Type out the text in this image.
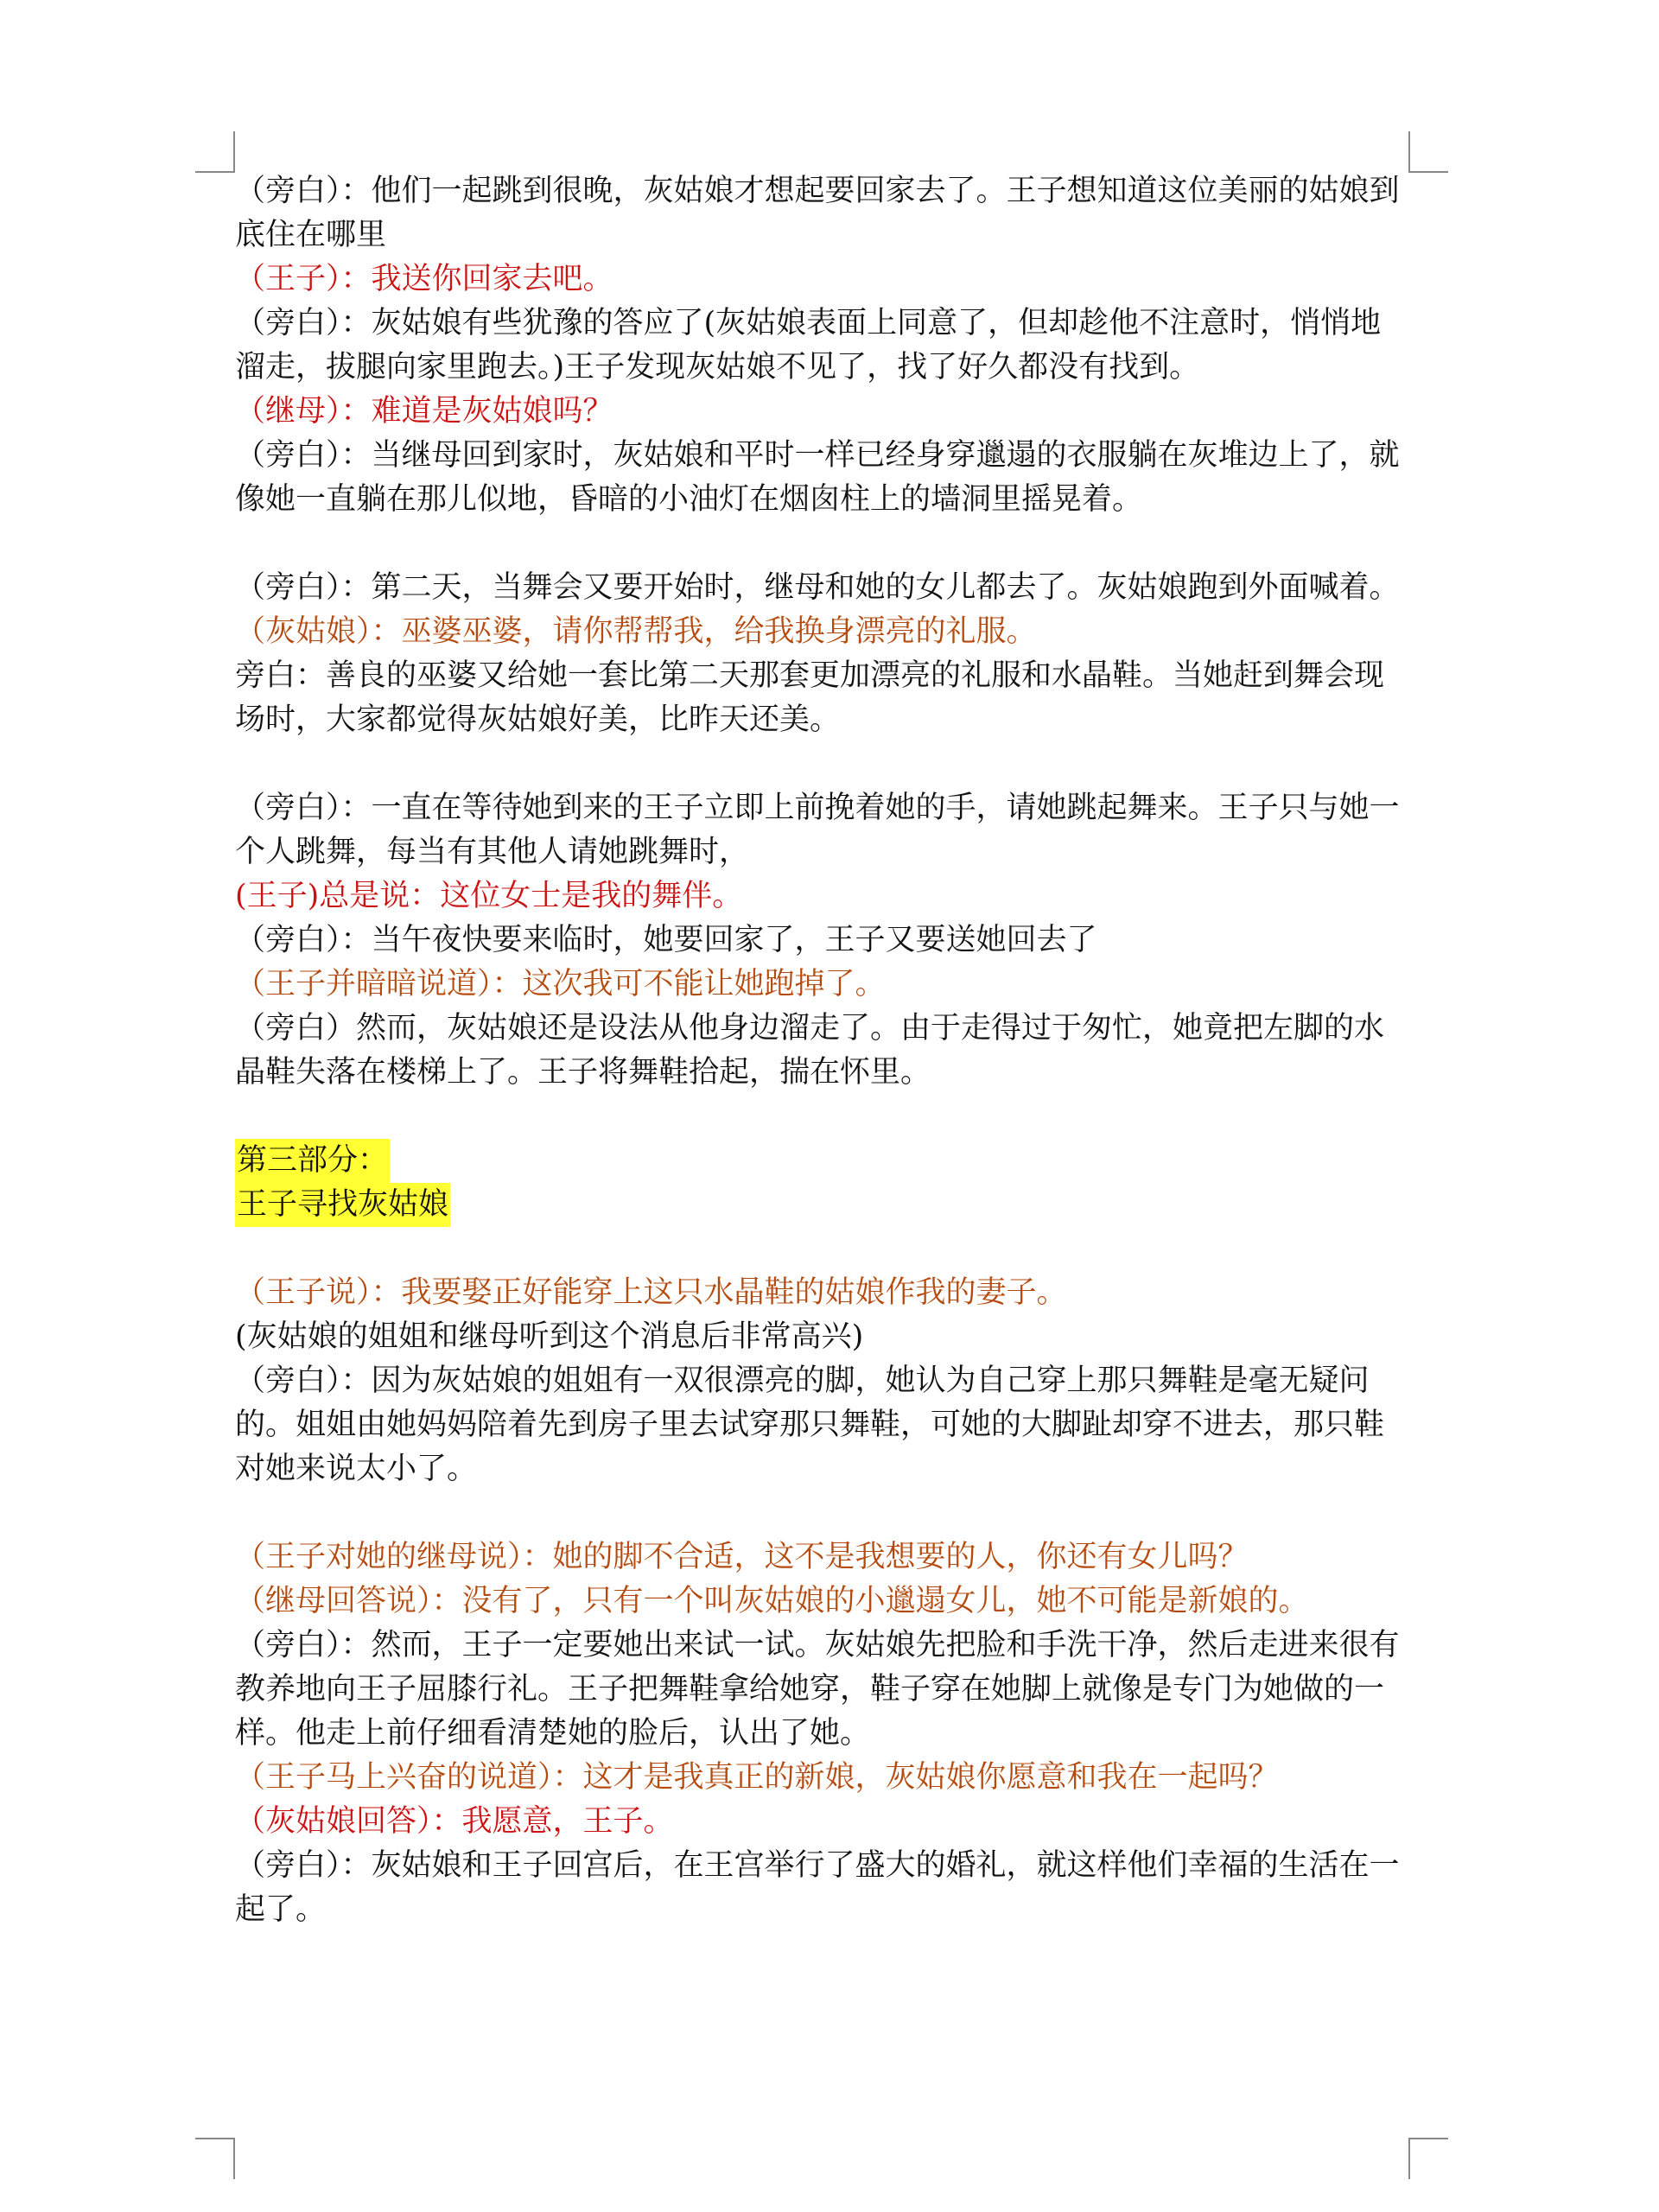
（旁白）：他们一起跳到很晚，灰姑娘才想起要回家去了。王子想知道这位美丽的姑娘到底住在哪里

（王子）：我送你回家去吧。

（旁白）：灰姑娘有些犹豫的答应了(灰姑娘表面上同意了，但却趁他不注意时，悄悄地溜走，拔腿向家里跑去。)王子发现灰姑娘不见了，找了好久都没有找到。

（继母）：难道是灰姑娘吗？

（旁白）：当继母回到家时，灰姑娘和平时一样已经身穿邋遢的衣服躺在灰堆边上了，就像她一直躺在那儿似地，昏暗的小油灯在烟囱柱上的墙洞里摇晃着。

（旁白）：第二天，当舞会又要开始时，继母和她的女儿都去了。灰姑娘跑到外面喊着。

（灰姑娘）：巫婆巫婆，请你帮帮我，给我换身漂亮的礼服。

旁白：善良的巫婆又给她一套比第二天那套更加漂亮的礼服和水晶鞋。当她赶到舞会现场时，大家都觉得灰姑娘好美，比昨天还美。

（旁白）：一直在等待她到来的王子立即上前挽着她的手，请她跳起舞来。王子只与她一个人跳舞，每当有其他人请她跳舞时，

(王子)总是说：这位女士是我的舞伴。

（旁白）：当午夜快要来临时，她要回家了，王子又要送她回去了

（王子并暗暗说道）：这次我可不能让她跑掉了。

（旁白）然而，灰姑娘还是设法从他身边溜走了。由于走得过于匆忙，她竟把左脚的水晶鞋失落在楼梯上了。王子将舞鞋拾起，揣在怀里。

第三部分：

王子寻找灰姑娘

（王子说）：我要娶正好能穿上这只水晶鞋的姑娘作我的妻子。

(灰姑娘的姐姐和继母听到这个消息后非常高兴)

（旁白）：因为灰姑娘的姐姐有一双很漂亮的脚，她认为自己穿上那只舞鞋是毫无疑问的。姐姐由她妈妈陪着先到房子里去试穿那只舞鞋，可她的大脚趾却穿不进去，那只鞋对她来说太小了。

（王子对她的继母说）：她的脚不合适，这不是我想要的人，你还有女儿吗？

（继母回答说）：没有了，只有一个叫灰姑娘的小邋遢女儿，她不可能是新娘的。

（旁白）：然而，王子一定要她出来试一试。灰姑娘先把脸和手洗干净，然后走进来很有教养地向王子屈膝行礼。王子把舞鞋拿给她穿，鞋子穿在她脚上就像是专门为她做的一样。他走上前仔细看清楚她的脸后，认出了她。

（王子马上兴奋的说道）：这才是我真正的新娘，灰姑娘你愿意和我在一起吗？

（灰姑娘回答）：我愿意，王子。

（旁白）：灰姑娘和王子回宫后，在王宫举行了盛大的婚礼，就这样他们幸福的生活在一起了。
